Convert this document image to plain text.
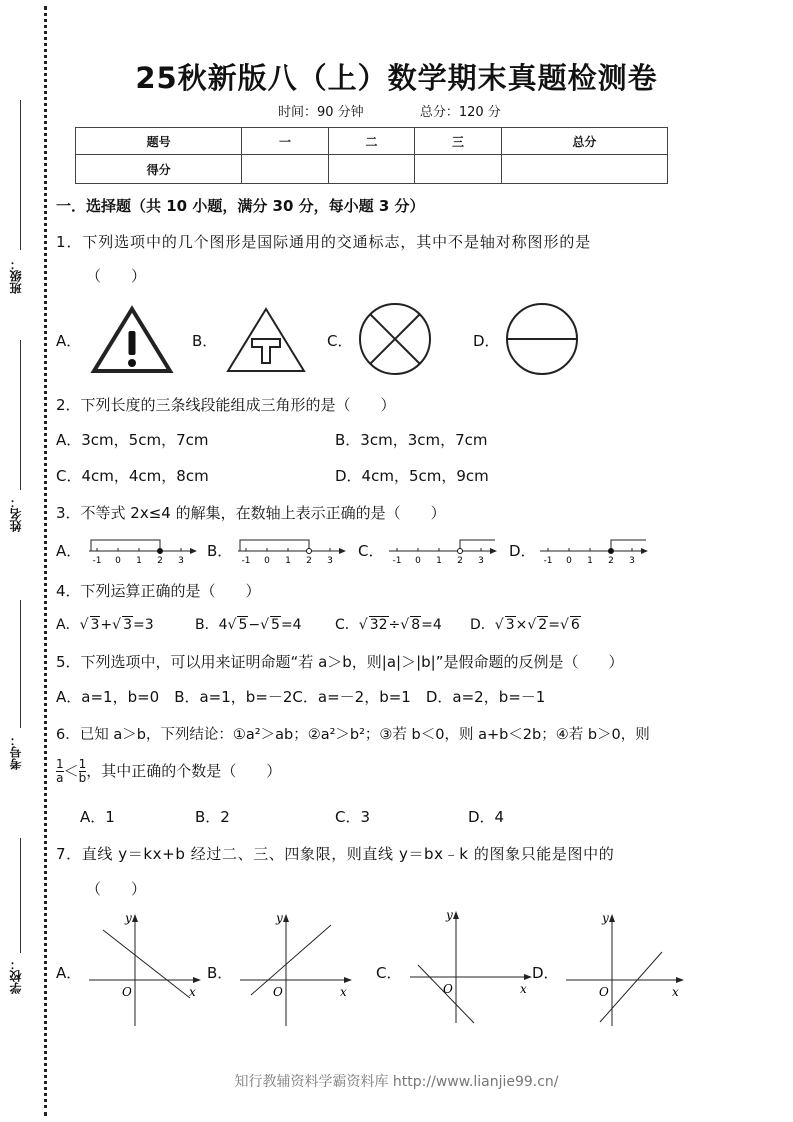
班级：
姓名：
考号：
学校：
25秋新版八（上）数学期末真题检测卷
时间：90 分钟	总分：120 分
题号	一	二	三	总分
得分				
一．选择题（共 10 小题，满分 30 分，每小题 3 分）
1．下列选项中的几个图形是国际通用的交通标志，其中不是轴对称图形的是
（　　）
A．	B．	C．	D．
2．下列长度的三条线段能组成三角形的是（　　）
A．3cm，5cm，7cm	B．3cm，3cm，7cm
C．4cm，4cm，8cm	D．4cm，5cm，9cm
3．不等式 2x≤4 的解集，在数轴上表示正确的是（　　）
A．	B．	C．	D．
-1 0 1 2 3	-1 0 1 2 3	-1 0 1 2 3	-1 0 1 2 3
4．下列运算正确的是（　　）
A．√ 3+√ 3=3	B．4√ 5−√ 5=4 C．√ 32÷√ 8=4 D．√ 3×√ 2=√ 6
5．下列选项中，可以用来证明命题“若 a＞b，则|a|＞|b|”是假命题的反例是（　　）
A．a=1，b=0　B．a=1，b=－2C．a=－2，b=1　D．a=2，b=－1
6．已知 a＞b，下列结论：①a²＞ab；②a²＞b²；③若 b＜0，则 a+b＜2b；④若 b＞0，则
$\frac{1}{a} < \frac{1}{b}$ ，其中正确的个数是（　　）
A．1	B．2	C．3	D．4
7．直线 y＝kx+b 经过二、三、四象限，则直线 y＝bx﹣k 的图象只能是图中的
（　　）
A．	B．	C．	D．
y
x
O
y
x
O
y
x
O
y
x
O
知行教辅资料学霸资料库 http://www.lianjie99.cn/
